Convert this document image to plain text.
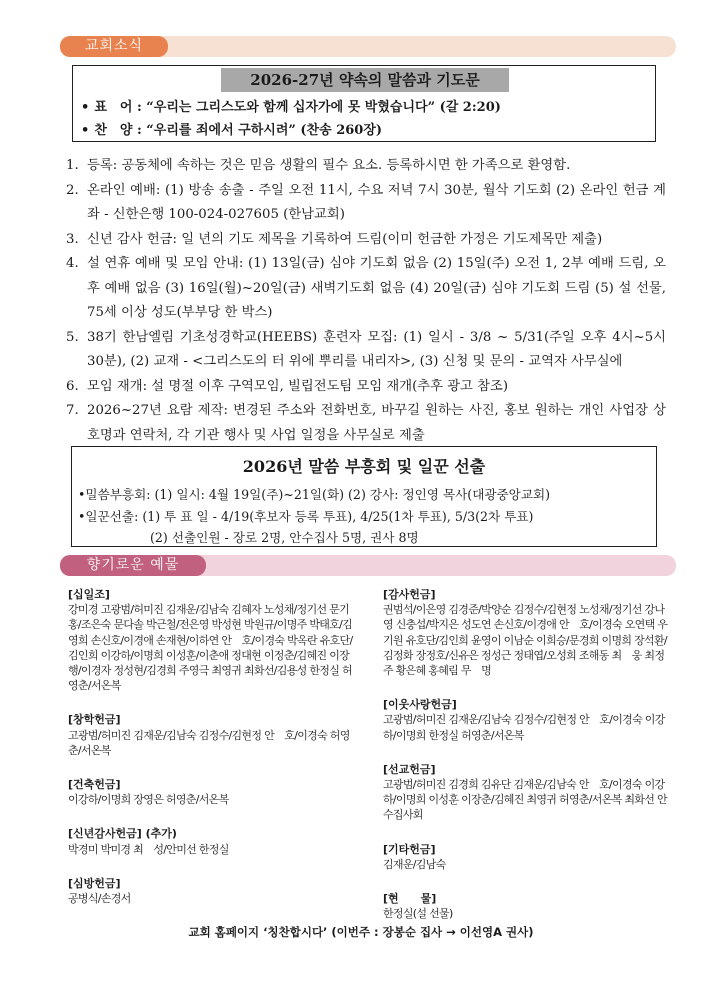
교회소식
2026-27년 약속의 말씀과 기도문
• 표　어 : “우리는 그리스도와 함께 십자가에 못 박혔습니다” (갈 2:20)
• 찬　양 : “우리를 죄에서 구하시려” (찬송 260장)
1. 등록: 공동체에 속하는 것은 믿음 생활의 필수 요소. 등록하시면 한 가족으로 환영함.
2. 온라인 예배: (1) 방송 송출 - 주일 오전 11시, 수요 저녁 7시 30분, 월삭 기도회 (2) 온라인 헌금 계좌 - 신한은행 100-024-027605 (한남교회)
3. 신년 감사 헌금: 일 년의 기도 제목을 기록하여 드림(이미 헌금한 가정은 기도제목만 제출)
4. 설 연휴 예배 및 모임 안내: (1) 13일(금) 심야 기도회 없음 (2) 15일(주) 오전 1, 2부 예배 드림, 오후 예배 없음 (3) 16일(월)~20일(금) 새벽기도회 없음 (4) 20일(금) 심야 기도회 드림 (5) 설 선물, 75세 이상 성도(부부당 한 박스)
5. 38기 한남엘림 기초성경학교(HEEBS) 훈련자 모집: (1) 일시 - 3/8 ~ 5/31(주일 오후 4시~5시 30분), (2) 교재 - <그리스도의 터 위에 뿌리를 내리자>, (3) 신청 및 문의 - 교역자 사무실에
6. 모임 재개: 설 명절 이후 구역모임, 빌립전도팀 모임 재개(추후 광고 참조)
7. 2026~27년 요람 제작: 변경된 주소와 전화번호, 바꾸길 원하는 사진, 홍보 원하는 개인 사업장 상호명과 연락처, 각 기관 행사 및 사업 일정을 사무실로 제출
2026년 말씀 부흥회 및 일꾼 선출
•밀씀부흥회: (1) 일시: 4월 19일(주)~21일(화) (2) 강사: 정인영 목사(대광중앙교회)
•일꾼선출: (1) 투 표 일 - 4/19(후보자 등록 투표), 4/25(1차 투표), 5/3(2차 투표)
(2) 선출인원 - 장로 2명, 안수집사 5명, 권사 8명
향기로운 예물
[십일조]
강미경 고광범/허미진 김재운/김남숙 김혜자 노성채/정기선 문기홍/조은숙 문다솔 박근철/전은영 박성현 박원규/이명주 박태호/김영희 손신호/이경애 손재현/이하연 안　호/이경숙 박옥란 유호단/김인희 이강하/이명희 이성훈/이춘애 정대현 이정춘/김혜진 이장행/이경자 정성현/김경희 주영극 최영귀 최화선/김용성 한정실 허영춘/서온복
[창학헌금]
고광범/허미진 김재운/김남숙 김정수/김현정 안　호/이경숙 허영춘/서온복
[건축헌금]
이강하/이명희 장영은 허영춘/서온복
[신년감사헌금] (추가)
박경미 박미경 최　성/안미선 한정실
[심방헌금]
공병식/손경서
[감사헌금]
권범석/이은영 김경준/박양순 김정수/김현정 노성채/정기선 강나영 신충섭/박지은 성도연 손신호/이경애 안　호/이경숙 오연택 우기원 유호단/김인희 윤영이 이남순 이희승/문경희 이명희 장석환/김정화 장정호/신유은 정성근 정태엽/오성희 조해동 최　웅 최정주 황은혜 홍혜림 무　명
[이웃사랑헌금]
고광범/허미진 김재운/김남숙 김정수/김현정 안　호/이경숙 이강하/이명희 한정실 허영춘/서온복
[선교헌금]
고광범/허미진 김경희 김유단 김재운/김남숙 안　호/이경숙 이강하/이명희 이성훈 이장춘/김혜진 최영귀 허영춘/서온복 최화선 안수집사회
[기타헌금]
김재운/김남숙
[현　　물]
한정실(설 선물)
교회 홈페이지 ‘칭찬합시다’ (이번주 : 장봉순 집사 → 이선영A 권사)
